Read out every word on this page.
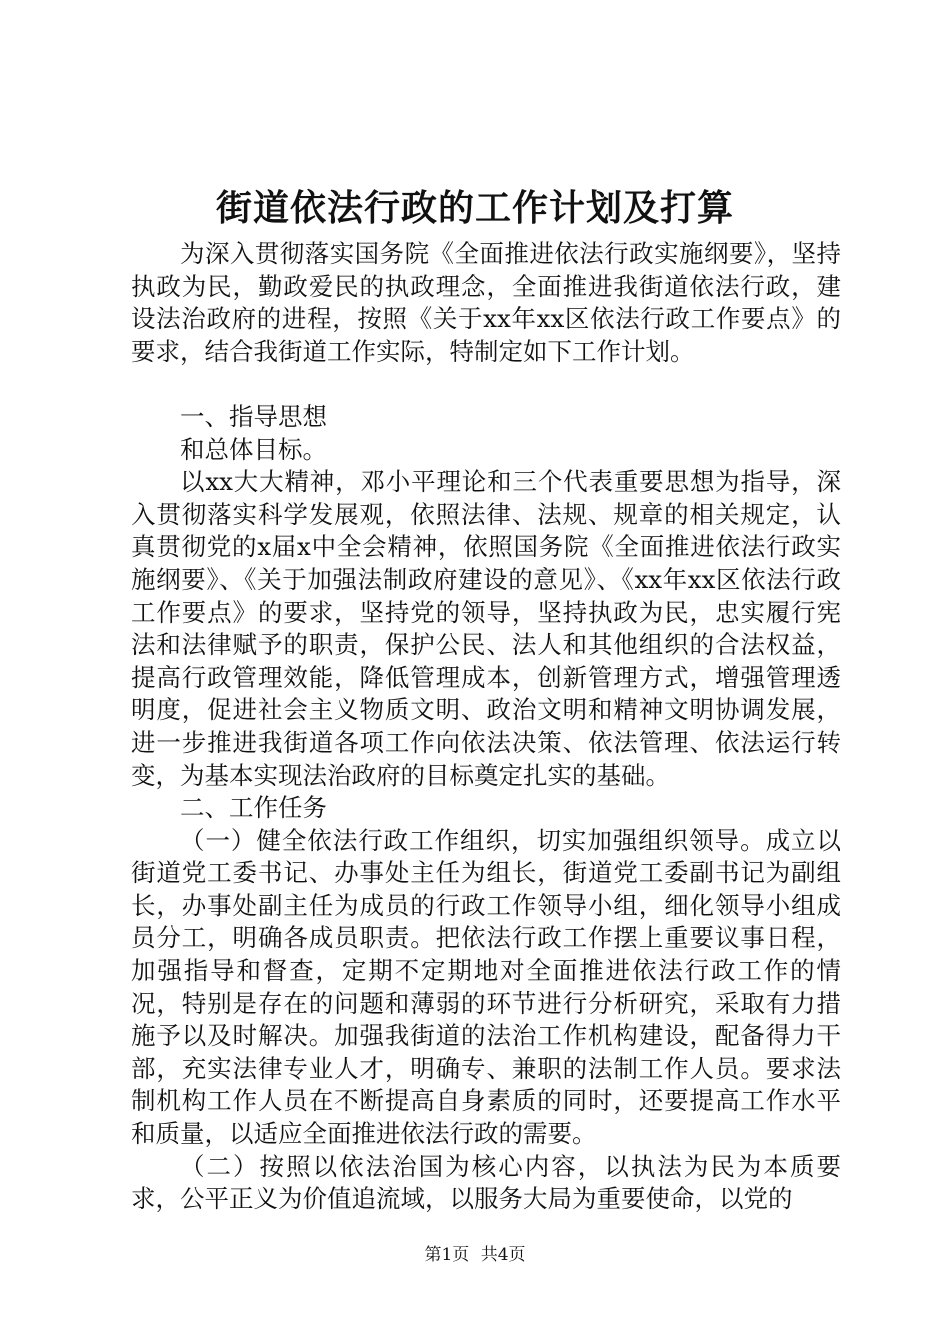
街道依法行政的工作计划及打算

为深入贯彻落实国务院《全面推进依法行政实施纲要》，坚持执政为民，勤政爱民的执政理念，全面推进我街道依法行政，建设法治政府的进程，按照《关于xx年xx区依法行政工作要点》的要求，结合我街道工作实际，特制定如下工作计划。

一、指导思想

和总体目标。

以xx大大精神，邓小平理论和三个代表重要思想为指导，深入贯彻落实科学发展观，依照法律、法规、规章的相关规定，认真贯彻党的x届x中全会精神，依照国务院《全面推进依法行政实施纲要》、《关于加强法制政府建设的意见》、《xx年xx区依法行政工作要点》的要求，坚持党的领导，坚持执政为民，忠实履行宪法和法律赋予的职责，保护公民、法人和其他组织的合法权益，提高行政管理效能，降低管理成本，创新管理方式，增强管理透明度，促进社会主义物质文明、政治文明和精神文明协调发展，进一步推进我街道各项工作向依法决策、依法管理、依法运行转变，为基本实现法治政府的目标奠定扎实的基础。

二、工作任务

（一）健全依法行政工作组织，切实加强组织领导。成立以街道党工委书记、办事处主任为组长，街道党工委副书记为副组长，办事处副主任为成员的行政工作领导小组，细化领导小组成员分工，明确各成员职责。把依法行政工作摆上重要议事日程，加强指导和督查，定期不定期地对全面推进依法行政工作的情况，特别是存在的问题和薄弱的环节进行分析研究，采取有力措施予以及时解决。加强我街道的法治工作机构建设，配备得力干部，充实法律专业人才，明确专、兼职的法制工作人员。要求法制机构工作人员在不断提高自身素质的同时，还要提高工作水平和质量，以适应全面推进依法行政的需要。

（二）按照以依法治国为核心内容，以执法为民为本质要求，公平正义为价值追流域，以服务大局为重要使命，以党的

第1页 共4页
